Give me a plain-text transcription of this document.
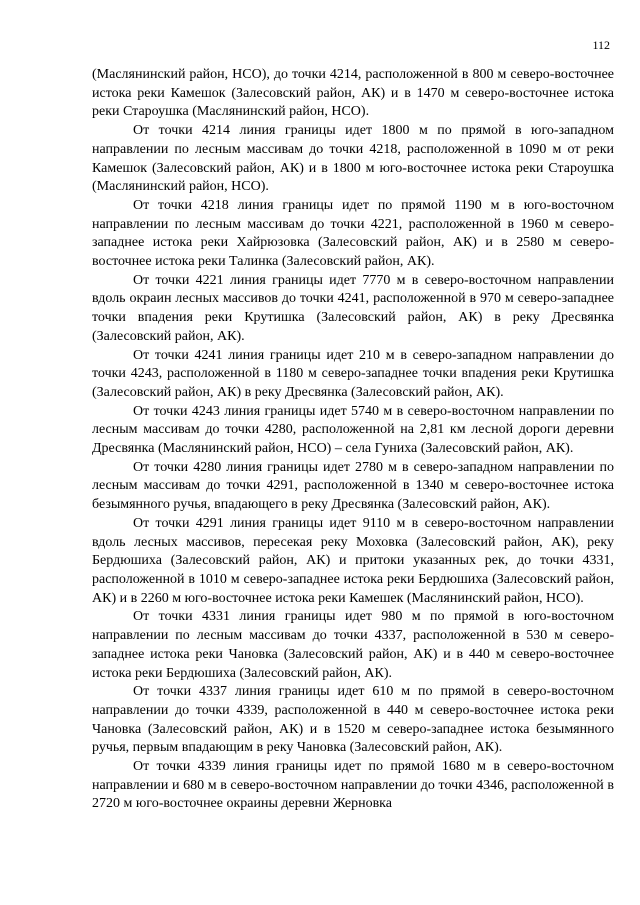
112

(Маслянинский район, НСО), до точки 4214, расположенной в 800 м северо-восточнее истока реки Камешок (Залесовский район, АК) и в 1470 м северо-восточнее истока реки Староушка (Маслянинский район, НСО).

От точки 4214 линия границы идет 1800 м по прямой в юго-западном направлении по лесным массивам до точки 4218, расположенной в 1090 м от реки Камешок (Залесовский район, АК) и в 1800 м юго-восточнее истока реки Староушка (Маслянинский район, НСО).

От точки 4218 линия границы идет по прямой 1190 м в юго-восточном направлении по лесным массивам до точки 4221, расположенной в 1960 м северо-западнее истока реки Хайрюзовка (Залесовский район, АК) и в 2580 м северо-восточнее истока реки Талинка (Залесовский район, АК).

От точки 4221 линия границы идет 7770 м в северо-восточном направлении вдоль окраин лесных массивов до точки 4241, расположенной в 970 м северо-западнее точки впадения реки Крутишка (Залесовский район, АК) в реку Дресвянка (Залесовский район, АК).

От точки 4241 линия границы идет 210 м в северо-западном направлении до точки 4243, расположенной в 1180 м северо-западнее точки впадения реки Крутишка (Залесовский район, АК) в реку Дресвянка (Залесовский район, АК).

От точки 4243 линия границы идет 5740 м в северо-восточном направлении по лесным массивам до точки 4280, расположенной на 2,81 км лесной дороги деревни Дресвянка (Маслянинский район, НСО) – села Гуниха (Залесовский район, АК).

От точки 4280 линия границы идет 2780 м в северо-западном направлении по лесным массивам до точки 4291, расположенной в 1340 м северо-восточнее истока безымянного ручья, впадающего в реку Дресвянка (Залесовский район, АК).

От точки 4291 линия границы идет 9110 м в северо-восточном направлении вдоль лесных массивов, пересекая реку Моховка (Залесовский район, АК), реку Бердюшиха (Залесовский район, АК) и притоки указанных рек, до точки 4331, расположенной в 1010 м северо-западнее истока реки Бердюшиха (Залесовский район, АК) и в 2260 м юго-восточнее истока реки Камешек (Маслянинский район, НСО).

От точки 4331 линия границы идет 980 м по прямой в юго-восточном направлении по лесным массивам до точки 4337, расположенной в 530 м северо-западнее истока реки Чановка (Залесовский район, АК) и в 440 м северо-восточнее истока реки Бердюшиха (Залесовский район, АК).

От точки 4337 линия границы идет 610 м по прямой в северо-восточном направлении до точки 4339, расположенной в 440 м северо-восточнее истока реки Чановка (Залесовский район, АК) и в 1520 м северо-западнее истока безымянного ручья, первым впадающим в реку Чановка (Залесовский район, АК).

От точки 4339 линия границы идет по прямой 1680 м в северо-восточном направлении и 680 м в северо-восточном направлении до точки 4346, расположенной в 2720 м юго-восточнее окраины деревни Жерновка
